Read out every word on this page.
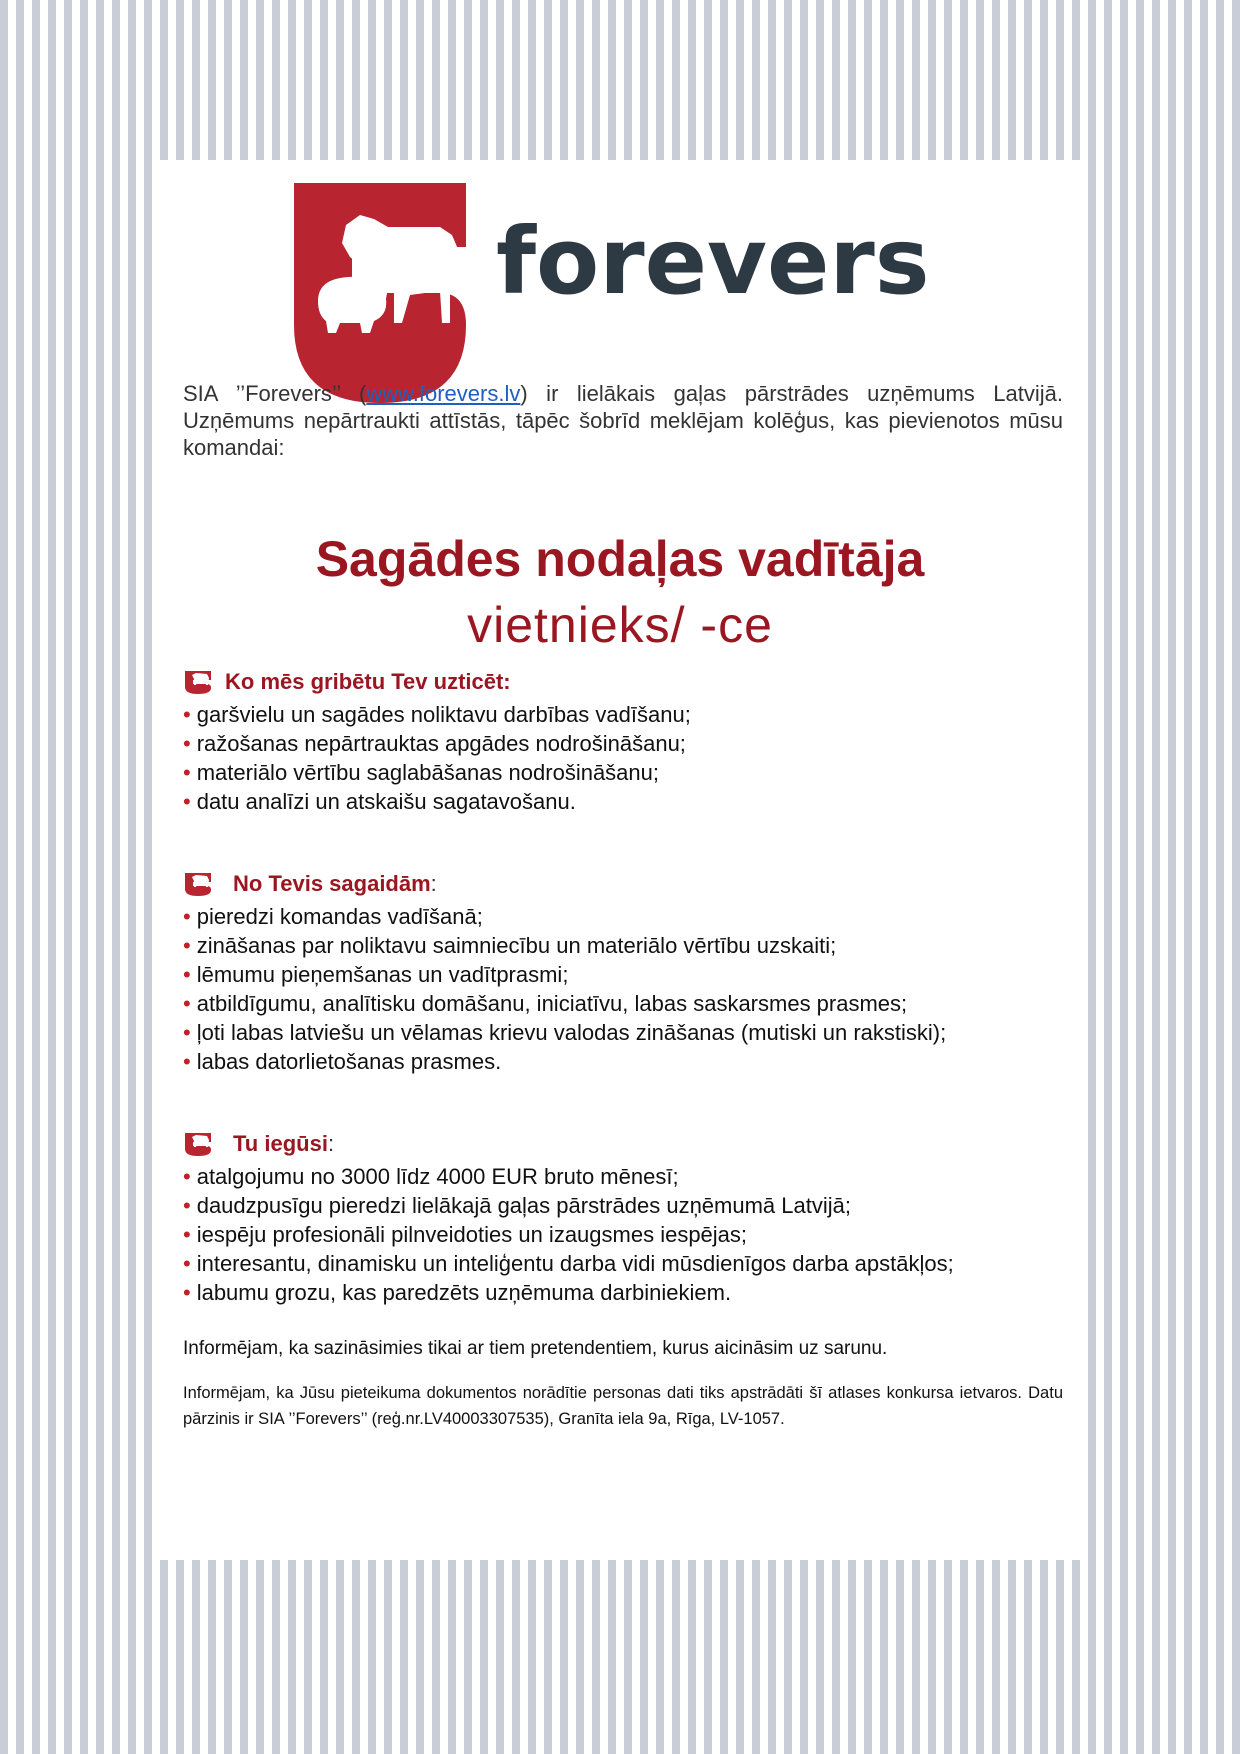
forevers
SIA ’’Forevers’’ (www.forevers.lv) ir lielākais gaļas pārstrādes uzņēmums Latvijā. Uzņēmums nepārtraukti attīstās, tāpēc šobrīd meklējam kolēģus, kas pievienotos mūsu komandai:
Sagādes nodaļas vadītāja
vietnieks/ -ce
Ko mēs gribētu Tev uzticēt:
• garšvielu un sagādes noliktavu darbības vadīšanu;
• ražošanas nepārtrauktas apgādes nodrošināšanu;
• materiālo vērtību saglabāšanas nodrošināšanu;
• datu analīzi un atskaišu sagatavošanu.
No Tevis sagaidām :
• pieredzi komandas vadīšanā;
• zināšanas par noliktavu saimniecību un materiālo vērtību uzskaiti;
• lēmumu pieņemšanas un vadītprasmi;
• atbildīgumu, analītisku domāšanu, iniciatīvu, labas saskarsmes prasmes;
• ļoti labas latviešu un vēlamas krievu valodas zināšanas (mutiski un rakstiski);
• labas datorlietošanas prasmes.
Tu iegūsi :
• atalgojumu no 3000 līdz 4000 EUR bruto mēnesī;
• daudzpusīgu pieredzi lielākajā gaļas pārstrādes uzņēmumā Latvijā;
• iespēju profesionāli pilnveidoties un izaugsmes iespējas;
• interesantu, dinamisku un inteliģentu darba vidi mūsdienīgos darba apstākļos;
• labumu grozu, kas paredzēts uzņēmuma darbiniekiem.
Informējam, ka sazināsimies tikai ar tiem pretendentiem, kurus aicināsim uz sarunu.
Informējam, ka Jūsu pieteikuma dokumentos norādītie personas dati tiks apstrādāti šī atlases konkursa ietvaros. Datu pārzinis ir SIA ’’Forevers’’ (reģ.nr.LV40003307535), Granīta iela 9a, Rīga, LV-1057.
